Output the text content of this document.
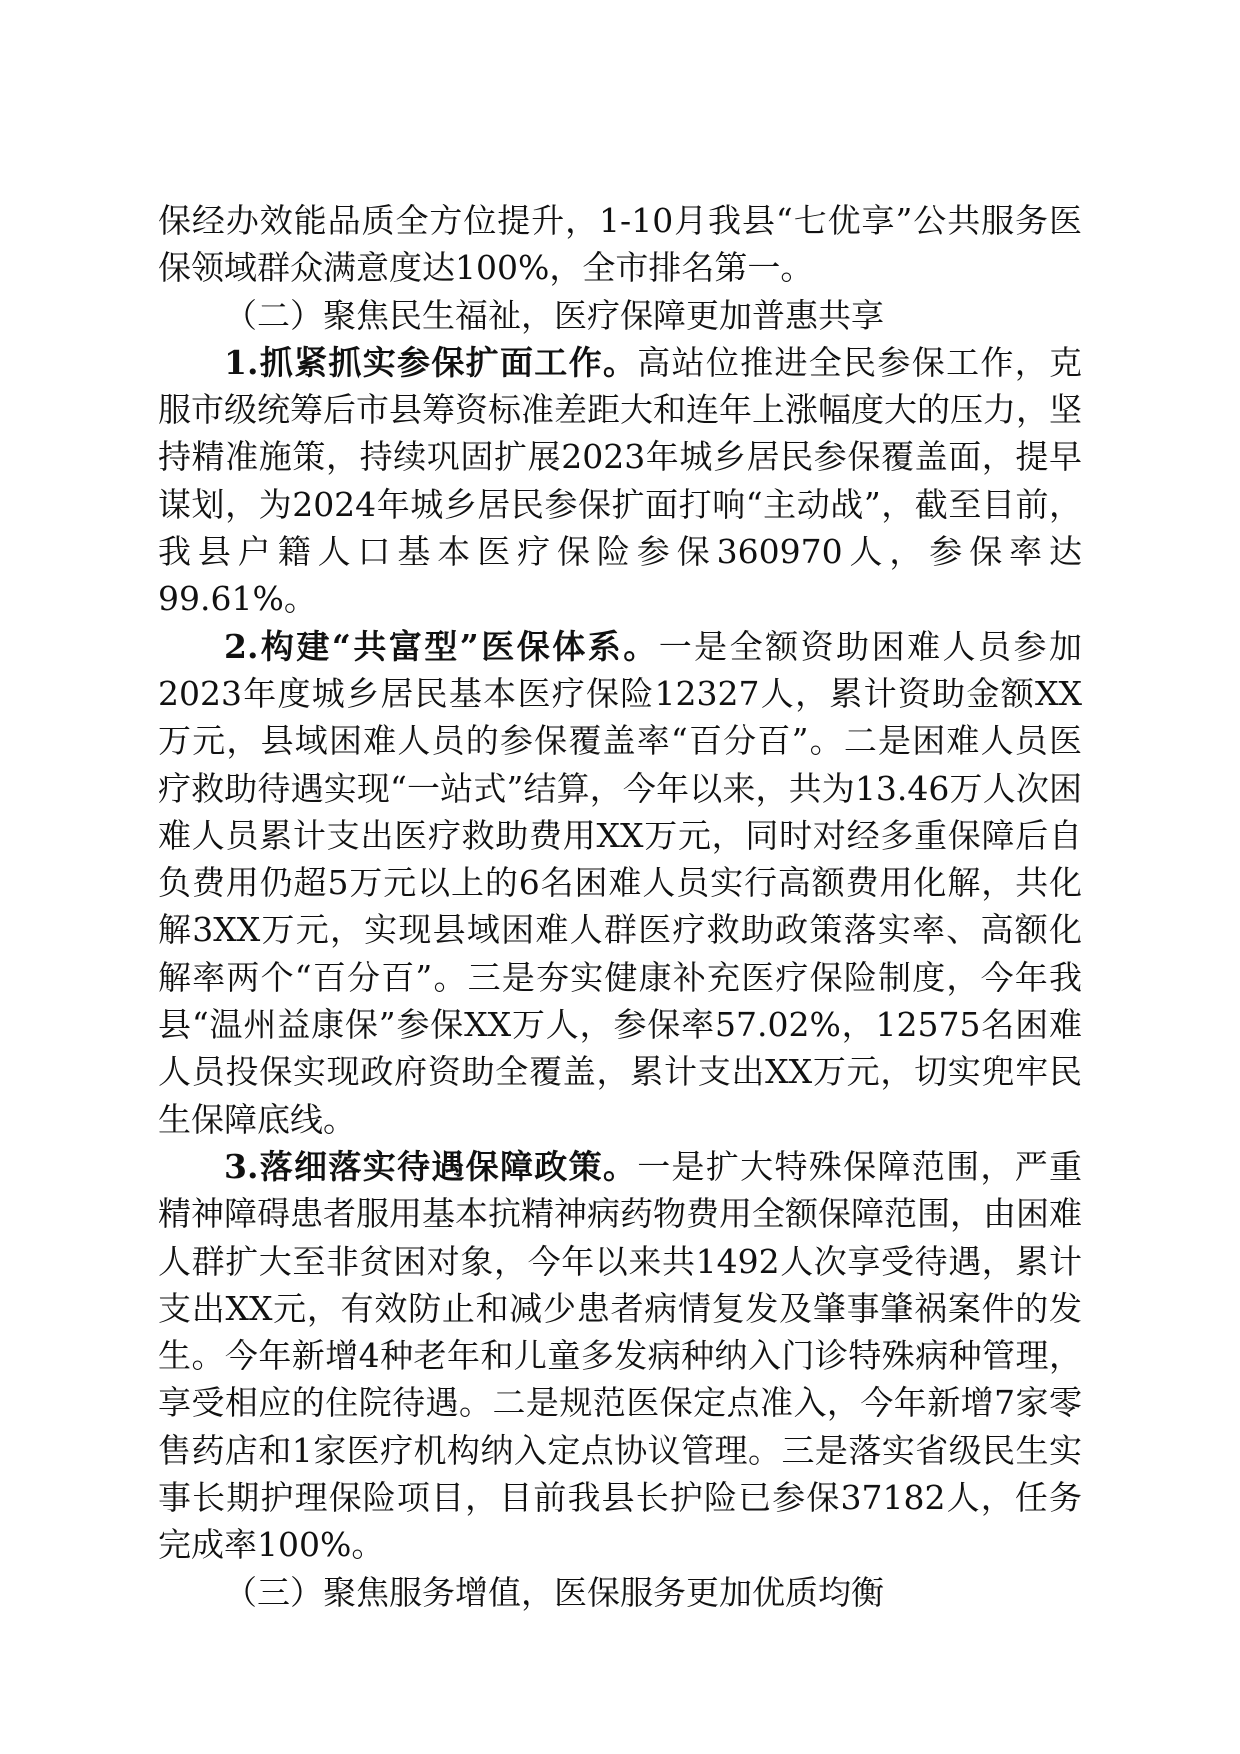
保经办效能品质全方位提升，1-10月我县“七优享”公共服务医保领域群众满意度达100%，全市排名第一。

（二）聚焦民生福祉，医疗保障更加普惠共享

1.抓紧抓实参保扩面工作。高站位推进全民参保工作，克服市级统筹后市县筹资标准差距大和连年上涨幅度大的压力，坚持精准施策，持续巩固扩展2023年城乡居民参保覆盖面，提早谋划，为2024年城乡居民参保扩面打响“主动战”，截至目前，我县户籍人口基本医疗保险参保360970人，参保率达99.61%。

2.构建“共富型”医保体系。一是全额资助困难人员参加2023年度城乡居民基本医疗保险12327人，累计资助金额XX万元，县域困难人员的参保覆盖率“百分百”。二是困难人员医疗救助待遇实现“一站式”结算，今年以来，共为13.46万人次困难人员累计支出医疗救助费用XX万元，同时对经多重保障后自负费用仍超5万元以上的6名困难人员实行高额费用化解，共化解3XX万元，实现县域困难人群医疗救助政策落实率、高额化解率两个“百分百”。三是夯实健康补充医疗保险制度，今年我县“温州益康保”参保XX万人，参保率57.02%，12575名困难人员投保实现政府资助全覆盖，累计支出XX万元，切实兜牢民生保障底线。

3.落细落实待遇保障政策。一是扩大特殊保障范围，严重精神障碍患者服用基本抗精神病药物费用全额保障范围，由困难人群扩大至非贫困对象，今年以来共1492人次享受待遇，累计支出XX元，有效防止和减少患者病情复发及肇事肇祸案件的发生。今年新增4种老年和儿童多发病种纳入门诊特殊病种管理，享受相应的住院待遇。二是规范医保定点准入，今年新增7家零售药店和1家医疗机构纳入定点协议管理。三是落实省级民生实事长期护理保险项目，目前我县长护险已参保37182人，任务完成率100%。

（三）聚焦服务增值，医保服务更加优质均衡
